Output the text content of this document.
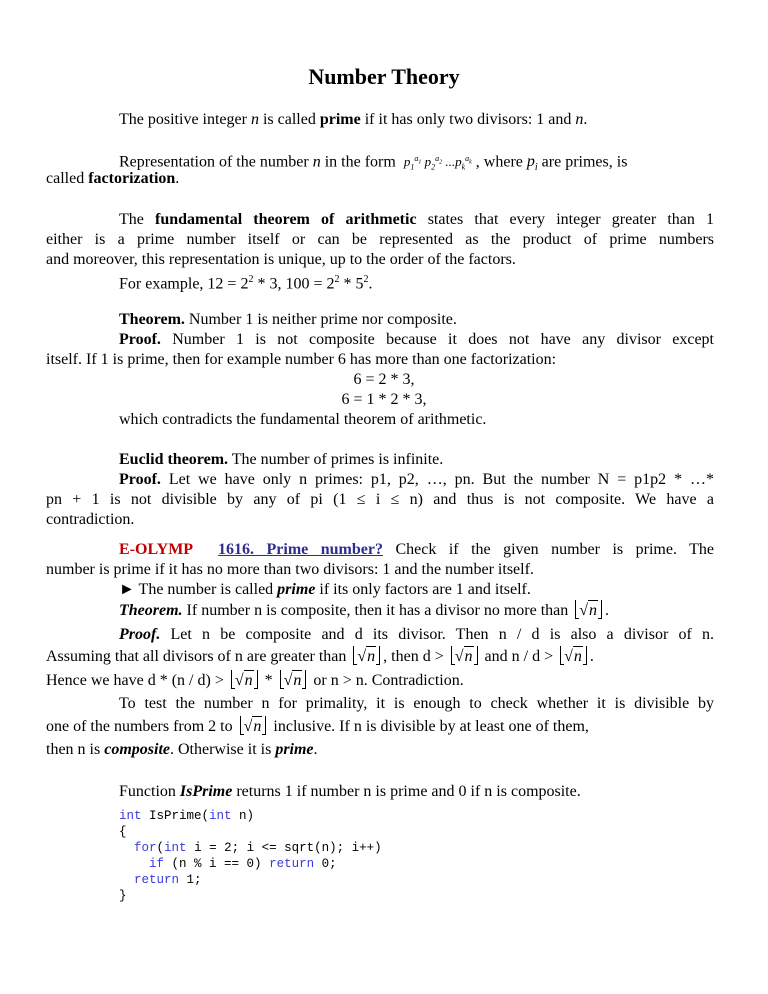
Number Theory
The positive integer n is called prime if it has only two divisors: 1 and n.
Representation of the number n in the form $p_1^{a_1}$ $p_2^{a_2}$ $...p_k^{a_k}$ , where $p_i$ are primes, is
called factorization.
The fundamental theorem of arithmetic states that every integer greater than 1
either is a prime number itself or can be represented as the product of prime numbers
and moreover, this representation is unique, up to the order of the factors.
For example, $12 = 2^2 * 3$, $100 = 2^2 * 5^2$.
Theorem. Number 1 is neither prime nor composite.
Proof. Number 1 is not composite because it does not have any divisor except
itself. If 1 is prime, then for example number 6 has more than one factorization:
6 = 2 * 3,
6 = 1 * 2 * 3,
which contradicts the fundamental theorem of arithmetic.
Euclid theorem. The number of primes is infinite.
Proof. Let we have only n primes: p1, p2, …, pn. But the number N = p1p2 * …*
pn + 1 is not divisible by any of pi (1 ≤ i ≤ n) and thus is not composite. We have a
contradiction.
E-OLYMP 1616. Prime number? Check if the given number is prime. The
number is prime if it has no more than two divisors: 1 and the number itself.
► The number is called prime if its only factors are 1 and itself.
Theorem. If number n is composite, then it has a divisor no more than √n .
Proof. Let n be composite and d its divisor. Then n / d is also a divisor of n.
Assuming that all divisors of n are greater than √n , then d > √n and n / d > √n .
Hence we have d * (n / d) > √n * √n or n > n. Contradiction.
To test the number n for primality, it is enough to check whether it is divisible by
one of the numbers from 2 to √n inclusive. If n is divisible by at least one of them,
then n is composite. Otherwise it is prime.
Function IsPrime returns 1 if number n is prime and 0 if n is composite.
int IsPrime(int n)
{
for(int i = 2; i <= sqrt(n); i++)
if (n % i == 0) return 0;
return 1;
}
